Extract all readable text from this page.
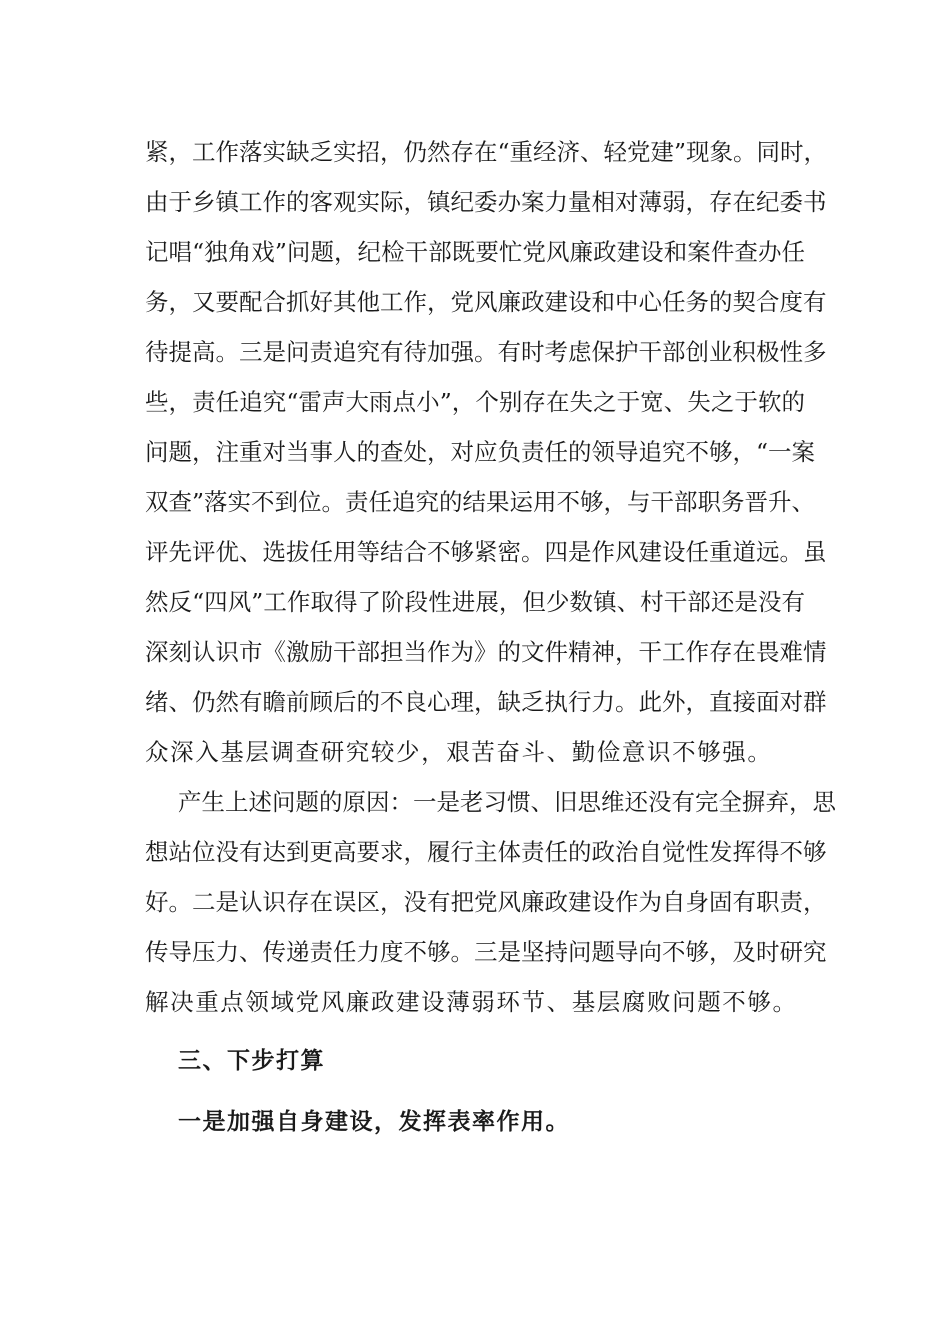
紧，工作落实缺乏实招，仍然存在“重经济、轻党建”现象。同时，
由于乡镇工作的客观实际，镇纪委办案力量相对薄弱，存在纪委书
记唱“独角戏”问题，纪检干部既要忙党风廉政建设和案件查办任
务，又要配合抓好其他工作，党风廉政建设和中心任务的契合度有
待提高。三是问责追究有待加强。有时考虑保护干部创业积极性多
些，责任追究“雷声大雨点小”，个别存在失之于宽、失之于软的
问题，注重对当事人的查处，对应负责任的领导追究不够，“一案
双查”落实不到位。责任追究的结果运用不够，与干部职务晋升、
评先评优、选拔任用等结合不够紧密。四是作风建设任重道远。虽
然反“四风”工作取得了阶段性进展，但少数镇、村干部还是没有
深刻认识市《激励干部担当作为》的文件精神，干工作存在畏难情
绪、仍然有瞻前顾后的不良心理，缺乏执行力。此外，直接面对群
众深入基层调查研究较少，艰苦奋斗、勤俭意识不够强。
产生上述问题的原因：一是老习惯、旧思维还没有完全摒弃，思
想站位没有达到更高要求，履行主体责任的政治自觉性发挥得不够
好。二是认识存在误区，没有把党风廉政建设作为自身固有职责，
传导压力、传递责任力度不够。三是坚持问题导向不够，及时研究
解决重点领域党风廉政建设薄弱环节、基层腐败问题不够。
三、下步打算
一是加强自身建设，发挥表率作用。
